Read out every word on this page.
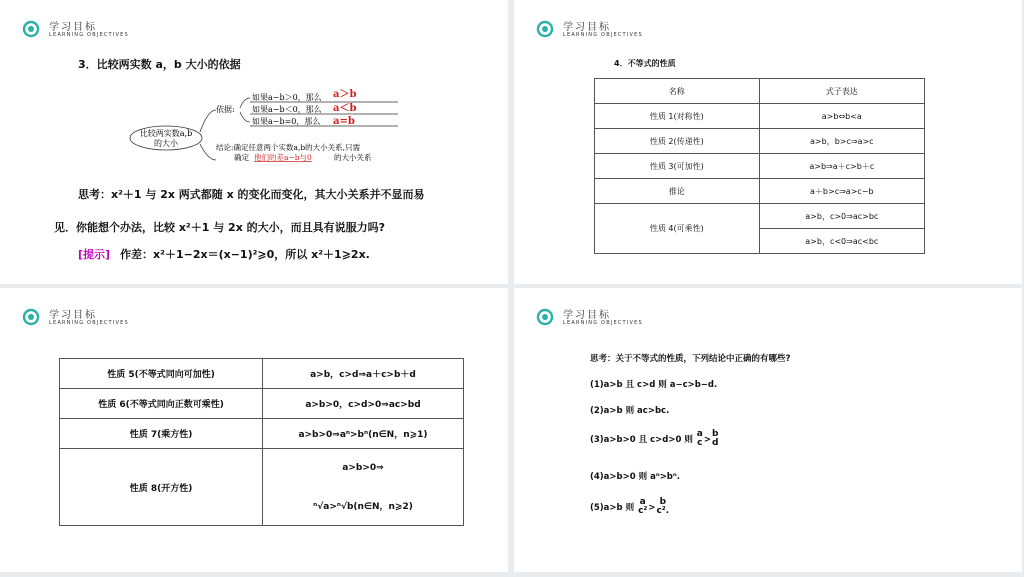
学习目标
LEARNING OBJECTIVES
3．比较两实数 a，b 大小的依据
比较两实数a,b
的大小
依据:
如果a−b＞0，那么 a＞b
如果a−b＜0，那么 a＜b
如果a−b=0，那么 a=b
结论:确定任意两个实数a,b的大小关系,只需
确定 他们的差a−b与0	的大小关系
思考：x²＋1 与 2x 两式都随 x 的变化而变化，其大小关系并不显而易
见．你能想个办法，比较 x²＋1 与 2x 的大小，而且具有说服力吗?
[提示] 作差：x²＋1−2x＝(x−1)²⩾0，所以 x²＋1⩾2x.
学习目标
LEARNING OBJECTIVES
4．不等式的性质
名称	式子表达
性质 1(对称性)	a>b⇔b<a
性质 2(传递性)	a>b，b>c⇒a>c
性质 3(可加性)	a>b⇒a＋c>b＋c
推论	a＋b>c⇒a>c−b
性质 4(可乘性)	a>b，c>0⇒ac>bc
	a>b，c<0⇒ac<bc
学习目标
LEARNING OBJECTIVES
性质 5(不等式同向可加性)	a>b，c>d⇒a＋c>b＋d
性质 6(不等式同向正数可乘性)	a>b>0，c>d>0⇒ac>bd
性质 7(乘方性)	a>b>0⇒aⁿ>bⁿ(n∈N，n⩾1)
性质 8(开方性)	a>b>0⇒
ⁿ√a>ⁿ√b(n∈N，n⩾2)
学习目标
LEARNING OBJECTIVES
思考：关于不等式的性质，下列结论中正确的有哪些?
(1)a>b 且 c>d 则 a−c>b−d.
(2)a>b 则 ac>bc.
(3)a>b>0 且 c>d>0 则
a
c >
b
d
(4)a>b>0 则 aⁿ>bⁿ.
(5)a>b 则
a
c² >
b
c².
